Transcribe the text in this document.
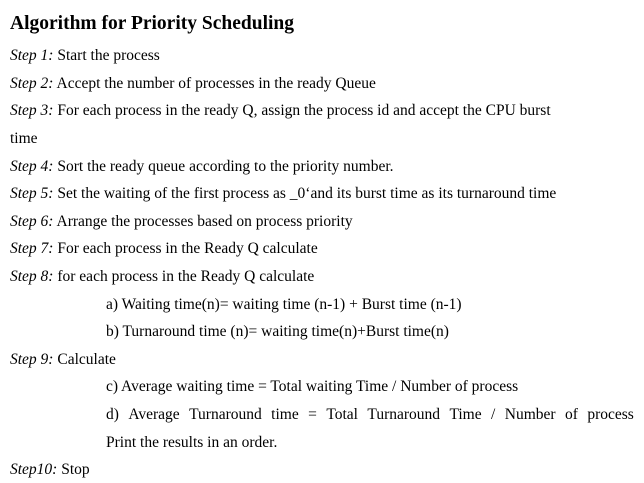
Algorithm for Priority Scheduling
Step 1: Start the process
Step 2: Accept the number of processes in the ready Queue
Step 3: For each process in the ready Q, assign the process id and accept the CPU burst
time
Step 4: Sort the ready queue according to the priority number.
Step 5: Set the waiting of the first process as _0‘and its burst time as its turnaround time
Step 6: Arrange the processes based on process priority
Step 7: For each process in the Ready Q calculate
Step 8: for each process in the Ready Q calculate
a) Waiting time(n)= waiting time (n-1) + Burst time (n-1)
b) Turnaround time (n)= waiting time(n)+Burst time(n)
Step 9: Calculate
c) Average waiting time = Total waiting Time / Number of process
d) Average Turnaround time = Total Turnaround Time / Number of process
Print the results in an order.
Step10: Stop
